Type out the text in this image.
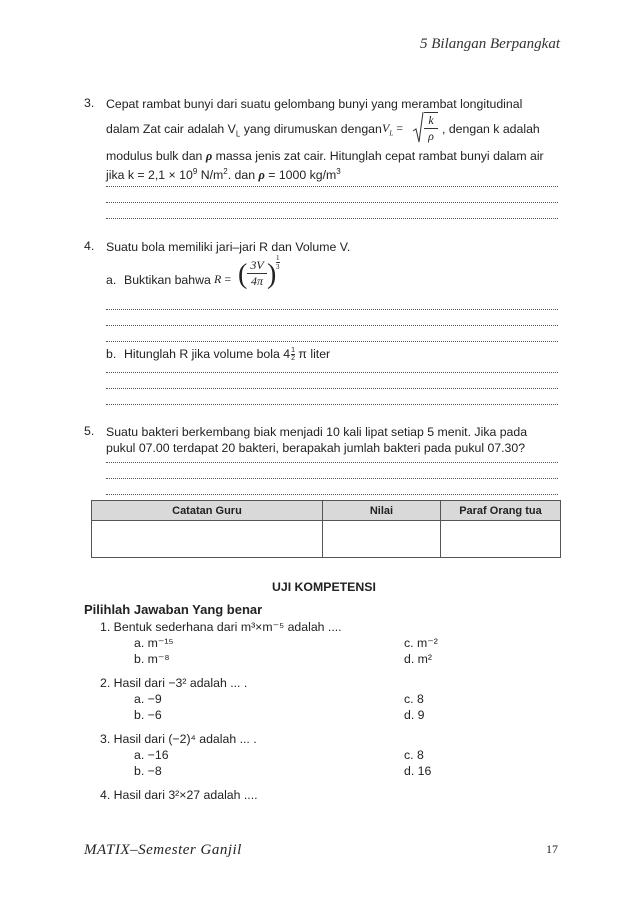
5 Bilangan Berpangkat
3. Cepat rambat bunyi dari suatu gelombang bunyi yang merambat longitudinal
dalam Zat cair adalah $V_L$ yang dirumuskan dengan $V_L$ =
k
ρ , dengan k adalah
modulus bulk dan ρ massa jenis zat cair. Hitunglah cepat rambat bunyi dalam air
jika $k = 2,1 \times 10^9$ $N/m^2$. dan ρ = 1000 $kg/m^3$
4. Suatu bola memiliki jari–jari R dan Volume V.
a. Buktikan bahwa R = ( 3V
4π )
1
3
b. Hitunglah R jika volume bola $4 \frac{1}{2}$ π liter
5. Suatu bakteri berkembang biak menjadi 10 kali lipat setiap 5 menit. Jika pada
pukul 07.00 terdapat 20 bakteri, berapakah jumlah bakteri pada pukul 07.30?
Catatan Guru	Nilai	Paraf Orang tua

UJI KOMPETENSI
Pilihlah Jawaban Yang benar
1. Bentuk sederhana dari m³×m⁻⁵ adalah ....
a. m⁻¹⁵
b. m⁻⁸
c. m⁻²
d. m²
2. Hasil dari −3² adalah ... .
a. −9
b. −6
c. 8
d. 9
3. Hasil dari (−2)⁴ adalah ... .
a. −16
b. −8
c. 8
d. 16
4. Hasil dari 3²×27 adalah ....
MATIX–Semester Ganjil	17
